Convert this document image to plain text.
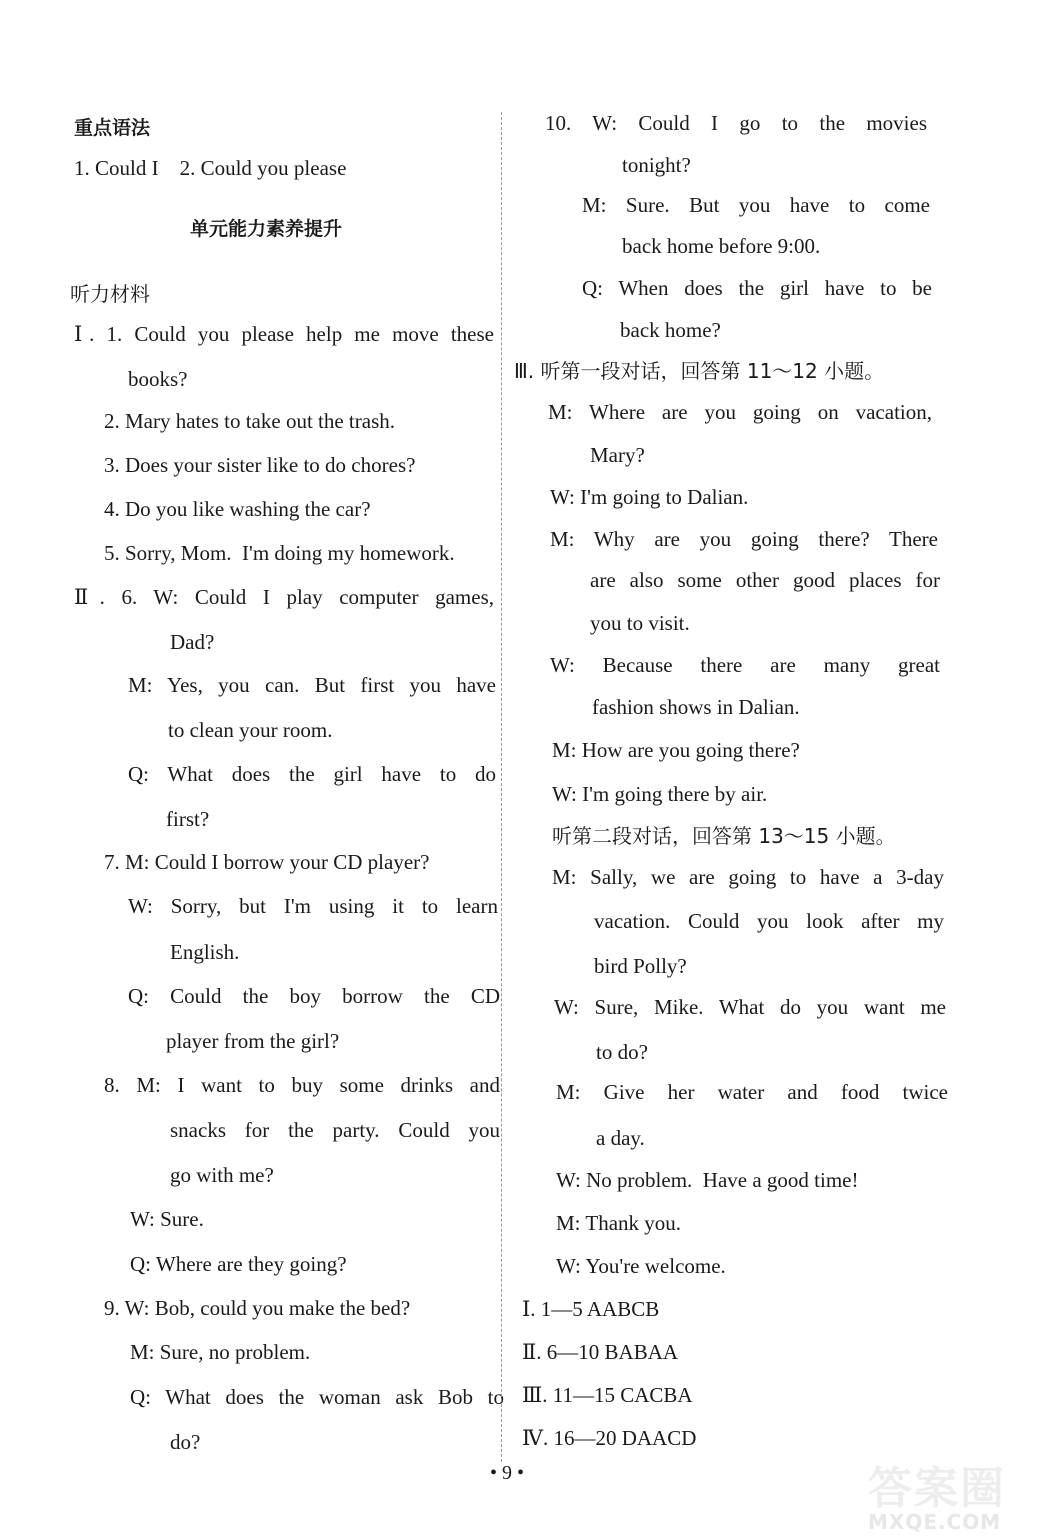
重点语法
1. Could I    2. Could you please
单元能力素养提升
听力材料
Ⅰ. 1. Could you please help me move these
books?
2. Mary hates to take out the trash.
3. Does your sister like to do chores?
4. Do you like washing the car?
5. Sorry, Mom.  I'm doing my homework.
Ⅱ. 6. W: Could I play computer games,
Dad?
M: Yes, you can. But first you have
to clean your room.
Q: What does the girl have to do
first?
7. M: Could I borrow your CD player?
W: Sorry, but I'm using it to learn
English.
Q: Could the boy borrow the CD
player from the girl?
8. M: I want to buy some drinks and
snacks for the party. Could you
go with me?
W: Sure.
Q: Where are they going?
9. W: Bob, could you make the bed?
M: Sure, no problem.
Q: What does the woman ask Bob to
do?
10. W: Could I go to the movies
tonight?
M: Sure. But you have to come
back home before 9:00.
Q: When does the girl have to be
back home?
Ⅲ. 听第一段对话，回答第 11～12 小题。
M: Where are you going on vacation,
Mary?
W: I'm going to Dalian.
M: Why are you going there? There
are also some other good places for
you to visit.
W: Because there are many great
fashion shows in Dalian.
M: How are you going there?
W: I'm going there by air.
听第二段对话，回答第 13～15 小题。
M: Sally, we are going to have a 3-day
vacation. Could you look after my
bird Polly?
W: Sure, Mike. What do you want me
to do?
M: Give her water and food twice
a day.
W: No problem.  Have a good time!
M: Thank you.
W: You're welcome.
Ⅰ. 1—5 AABCB
Ⅱ. 6—10 BABAA
Ⅲ. 11—15 CACBA
Ⅳ. 16—20 DAACD
• 9 •	答案圈
MXQE.COM
